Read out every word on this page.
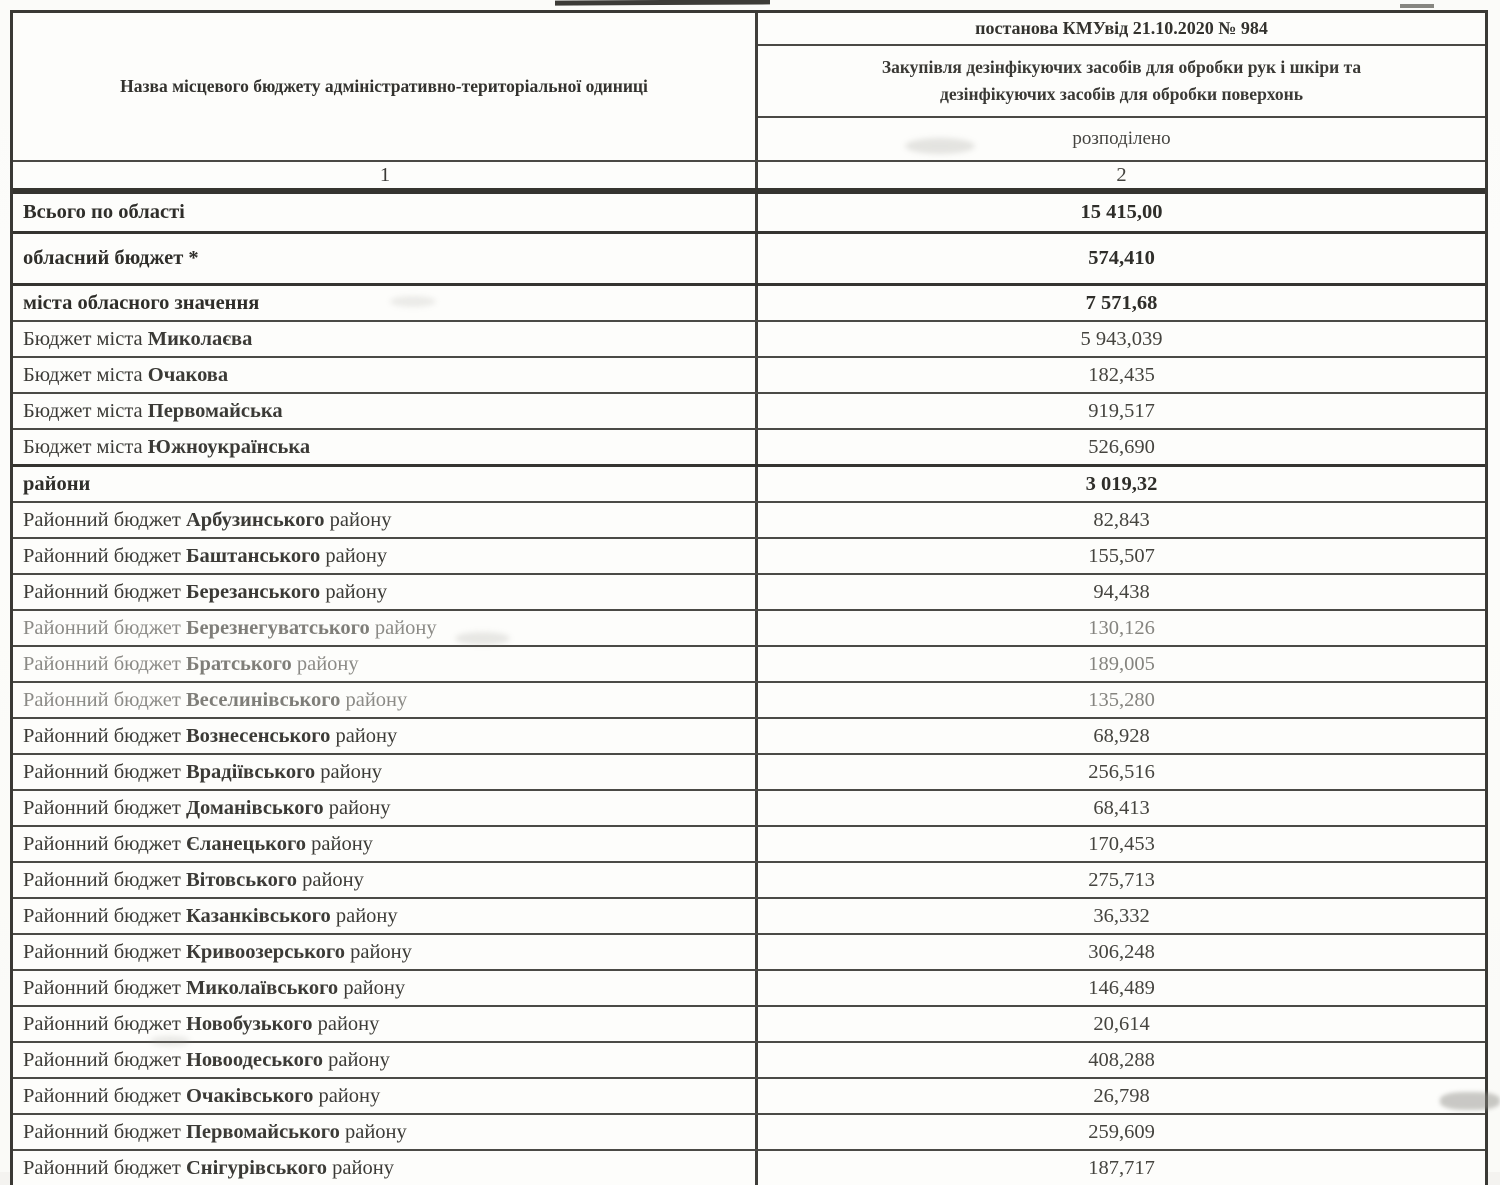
Назва місцевого бюджету адміністративно-територіальної одиниці
постанова КМУвід 21.10.2020 № 984
Закупівля дезінфікуючих засобів для обробки рук і шкіри та дезінфікуючих засобів для обробки поверхонь
розподілено
1	2
Всього по області	15 415,00
обласний бюджет *	574,410
міста обласного значення	7 571,68
Бюджет міста Миколаєва	5 943,039
Бюджет міста Очакова	182,435
Бюджет міста Первомайська	919,517
Бюджет міста Южноукраїнська	526,690
райони	3 019,32
Районний бюджет Арбузинського району	82,843
Районний бюджет Баштанського району	155,507
Районний бюджет Березанського району	94,438
Районний бюджет Березнегуватського району	130,126
Районний бюджет Братського району	189,005
Районний бюджет Веселинівського району	135,280
Районний бюджет Вознесенського району	68,928
Районний бюджет Врадіївського району	256,516
Районний бюджет Доманівського району	68,413
Районний бюджет Єланецького району	170,453
Районний бюджет Вітовського району	275,713
Районний бюджет Казанківського району	36,332
Районний бюджет Кривоозерського району	306,248
Районний бюджет Миколаївського району	146,489
Районний бюджет Новобузького району	20,614
Районний бюджет Новоодеського району	408,288
Районний бюджет Очаківського району	26,798
Районний бюджет Первомайського району	259,609
Районний бюджет Снігурівського району	187,717
